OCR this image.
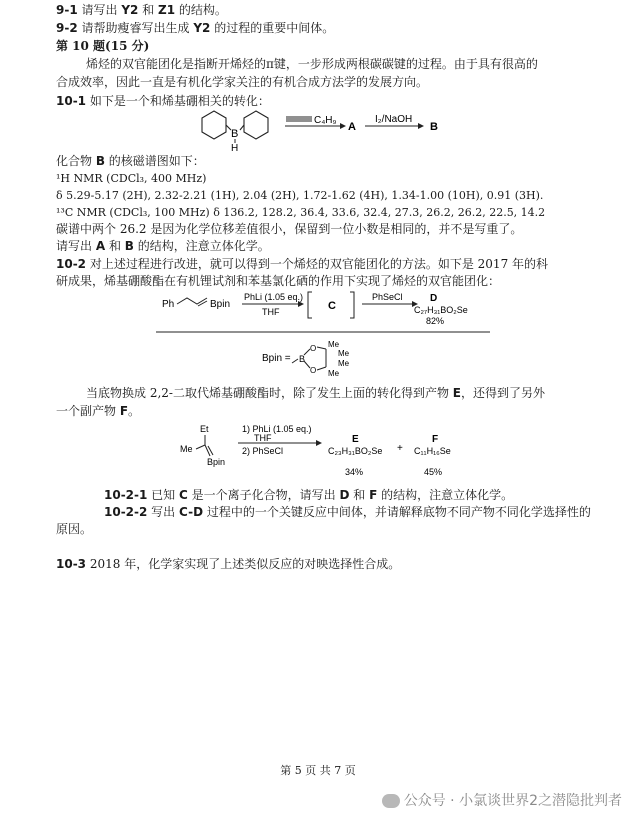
9-1 请写出 Y2 和 Z1 的结构。
9-2 请帮助瘦睿写出生成 Y2 的过程的重要中间体。
第 10 题(15 分)
烯烃的双官能团化是指断开烯烃的π键，一步形成两根碳碳键的过程。由于具有很高的
合成效率，因此一直是有机化学家关注的有机合成方法学的发展方向。
10-1 如下是一个和烯基硼相关的转化：
B
H
C₄H₉
A
I₂/NaOH
B
化合物 B 的核磁谱图如下：
¹H NMR (CDCl₃, 400 MHz)
δ 5.29-5.17 (2H), 2.32-2.21 (1H), 2.04 (2H), 1.72-1.62 (4H), 1.34-1.00 (10H), 0.91 (3H).
¹³C NMR (CDCl₃, 100 MHz) δ 136.2, 128.2, 36.4, 33.6, 32.4, 27.3, 26.2, 26.2, 22.5, 14.2
碳谱中两个 26.2 是因为化学位移差值很小，保留到一位小数是相同的，并不是写重了。
请写出 A 和 B 的结构，注意立体化学。
10-2 对上述过程进行改进，就可以得到一个烯烃的双官能团化的方法。如下是 2017 年的科
研成果，烯基硼酸酯在有机锂试剂和苯基氯化硒的作用下实现了烯烃的双官能团化：
Ph	Bpin
PhLi (1.05 eq.)
THF	C
PhSeCl	D
C₂₇H₃₁BO₂Se
82%
Bpin = B
O
O
Me
Me
Me
Me
当底物换成 2,2-二取代烯基硼酸酯时，除了发生上面的转化得到产物 E，还得到了另外
一个副产物 F。
Et
Me
Bpin
1) PhLi (1.05 eq.)
THF
2) PhSeCl
E
C₂₃H₃₁BO₂Se +
F
C₁₁H₁₆Se
34%	45%
10-2-1 已知 C 是一个离子化合物，请写出 D 和 F 的结构，注意立体化学。
10-2-2 写出 C-D 过程中的一个关键反应中间体，并请解释底物不同产物不同化学选择性的
原因。
10-3 2018 年，化学家实现了上述类似反应的对映选择性合成。
第 5 页 共 7 页
公众号 · 小氯谈世界2之潜隐批判者
